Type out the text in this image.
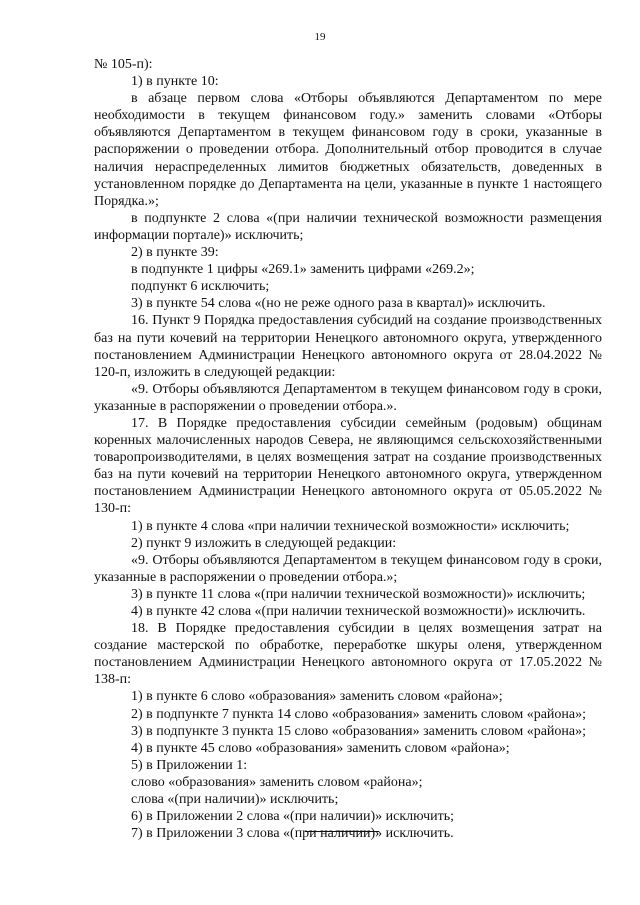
19

№ 105-п):

1) в пункте 10:

в абзаце первом слова «Отборы объявляются Департаментом по мере необходимости в текущем финансовом году.» заменить словами «Отборы объявляются Департаментом в текущем финансовом году в сроки, указанные в распоряжении о проведении отбора. Дополнительный отбор проводится в случае наличия нераспределенных лимитов бюджетных обязательств, доведенных в установленном порядке до Департамента на цели, указанные в пункте 1 настоящего Порядка.»;

в подпункте 2 слова «(при наличии технической возможности размещения информации портале)» исключить;

2) в пункте 39:

в подпункте 1 цифры «269.1» заменить цифрами «269.2»;

подпункт 6 исключить;

3) в пункте 54 слова «(но не реже одного раза в квартал)» исключить.

16. Пункт 9 Порядка предоставления субсидий на создание производственных баз на пути кочевий на территории Ненецкого автономного округа, утвержденного постановлением Администрации Ненецкого автономного округа от 28.04.2022 № 120-п, изложить в следующей редакции:

«9. Отборы объявляются Департаментом в текущем финансовом году в сроки, указанные в распоряжении о проведении отбора.».

17. В Порядке предоставления субсидии семейным (родовым) общинам коренных малочисленных народов Севера, не являющимся сельскохозяйственными товаропроизводителями, в целях возмещения затрат на создание производственных баз на пути кочевий на территории Ненецкого автономного округа, утвержденном постановлением Администрации Ненецкого автономного округа от 05.05.2022 № 130-п:

1) в пункте 4 слова «при наличии технической возможности» исключить;

2) пункт 9 изложить в следующей редакции:

«9. Отборы объявляются Департаментом в текущем финансовом году в сроки, указанные в распоряжении о проведении отбора.»;

3) в пункте 11 слова «(при наличии технической возможности)» исключить;

4) в пункте 42 слова «(при наличии технической возможности)» исключить.

18. В Порядке предоставления субсидии в целях возмещения затрат на создание мастерской по обработке, переработке шкуры оленя, утвержденном постановлением Администрации Ненецкого автономного округа от 17.05.2022 № 138-п:

1) в пункте 6 слово «образования» заменить словом «района»;

2) в подпункте 7 пункта 14 слово «образования» заменить словом «района»;

3) в подпункте 3 пункта 15 слово «образования» заменить словом «района»;

4) в пункте 45 слово «образования» заменить словом «района»;

5) в Приложении 1:

слово «образования» заменить словом «района»;

слова «(при наличии)» исключить;

6) в Приложении 2 слова «(при наличии)» исключить;

7) в Приложении 3 слова «(при наличии)» исключить.
